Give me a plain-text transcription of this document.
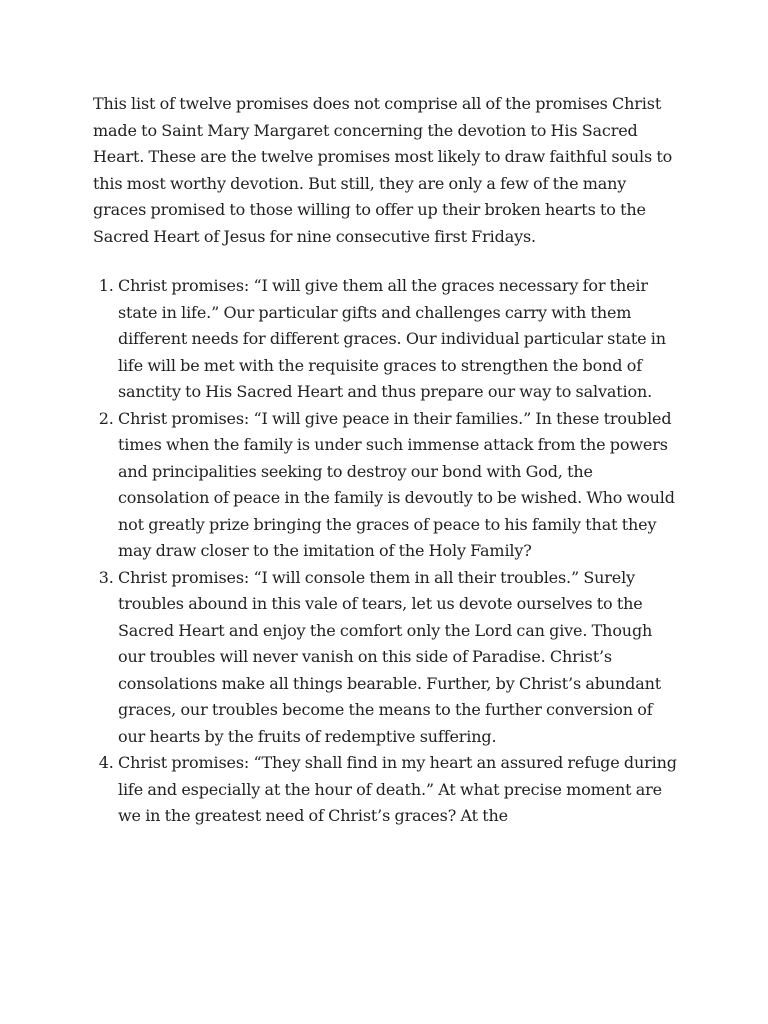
This list of twelve promises does not comprise all of the promises Christ made to Saint Mary Margaret concerning the devotion to His Sacred Heart. These are the twelve promises most likely to draw faithful souls to this most worthy devotion. But still, they are only a few of the many graces promised to those willing to offer up their broken hearts to the Sacred Heart of Jesus for nine consecutive first Fridays.

1. Christ promises: “I will give them all the graces necessary for their state in life.” Our particular gifts and challenges carry with them different needs for different graces. Our individual particular state in life will be met with the requisite graces to strengthen the bond of sanctity to His Sacred Heart and thus prepare our way to salvation.
2. Christ promises: “I will give peace in their families.” In these troubled times when the family is under such immense attack from the powers and principalities seeking to destroy our bond with God, the consolation of peace in the family is devoutly to be wished. Who would not greatly prize bringing the graces of peace to his family that they may draw closer to the imitation of the Holy Family?
3. Christ promises: “I will console them in all their troubles.” Surely troubles abound in this vale of tears, let us devote ourselves to the Sacred Heart and enjoy the comfort only the Lord can give. Though our troubles will never vanish on this side of Paradise. Christ’s consolations make all things bearable. Further, by Christ’s abundant graces, our troubles become the means to the further conversion of our hearts by the fruits of redemptive suffering.
4. Christ promises: “They shall find in my heart an assured refuge during life and especially at the hour of death.” At what precise moment are we in the greatest need of Christ’s graces? At the
